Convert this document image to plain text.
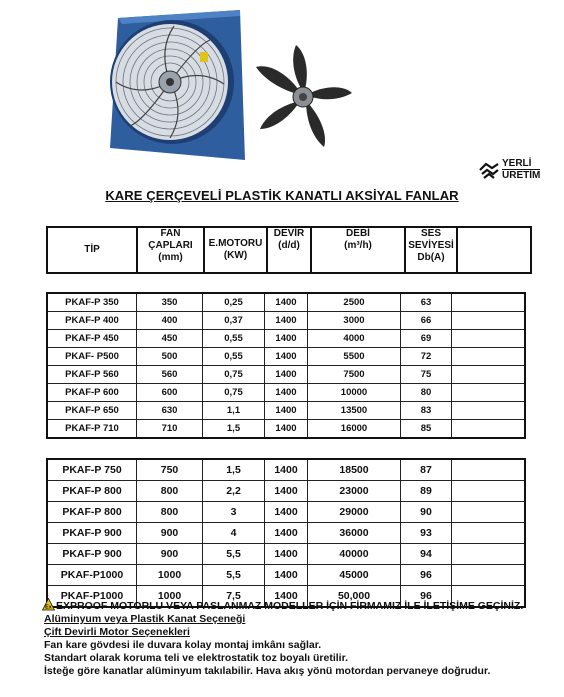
YERLİ
ÜRETİM
KARE ÇERÇEVELİ PLASTİK KANATLI AKSİYAL FANLAR
TİP

FAN
ÇAPLARI
(mm)

E.MOTORU
(KW)

DEVİR
(d/d)

DEBİ
(m³/h)

SES
SEVİYESİ
Db(A)

PKAF-P 350	350	0,25	1400	2500	63	
PKAF-P 400	400	0,37	1400	3000	66	
PKAF-P 450	450	0,55	1400	4000	69	
PKAF- P500	500	0,55	1400	5500	72	
PKAF-P 560	560	0,75	1400	7500	75	
PKAF-P 600	600	0,75	1400	10000	80	
PKAF-P 650	630	1,1	1400	13500	83	
PKAF-P 710	710	1,5	1400	16000	85	
PKAF-P 750	750	1,5	1400	18500	87	
PKAF-P 800	800	2,2	1400	23000	89	
PKAF-P 800	800	3	1400	29000	90	
PKAF-P 900	900	4	1400	36000	93	
PKAF-P 900	900	5,5	1400	40000	94	
PKAF-P1000	1000	5,5	1400	45000	96	
PKAF-P1000	1000	7,5	1400	50,000	96	
Ex EXPROOF MOTORLU VEYA PASLANMAZ MODELLER İÇİN FİRMAMIZ İLE İLETİŞİME GEÇİNİZ.
Alüminyum veya Plastik Kanat Seçeneği
Çift Devirli Motor Seçenekleri
Fan kare gövdesi ile duvara kolay montaj imkânı sağlar.
Standart olarak koruma teli ve elektrostatik toz boyalı üretilir.
İsteğe göre kanatlar alüminyum takılabilir. Hava akış yönü motordan pervaneye doğrudur.
